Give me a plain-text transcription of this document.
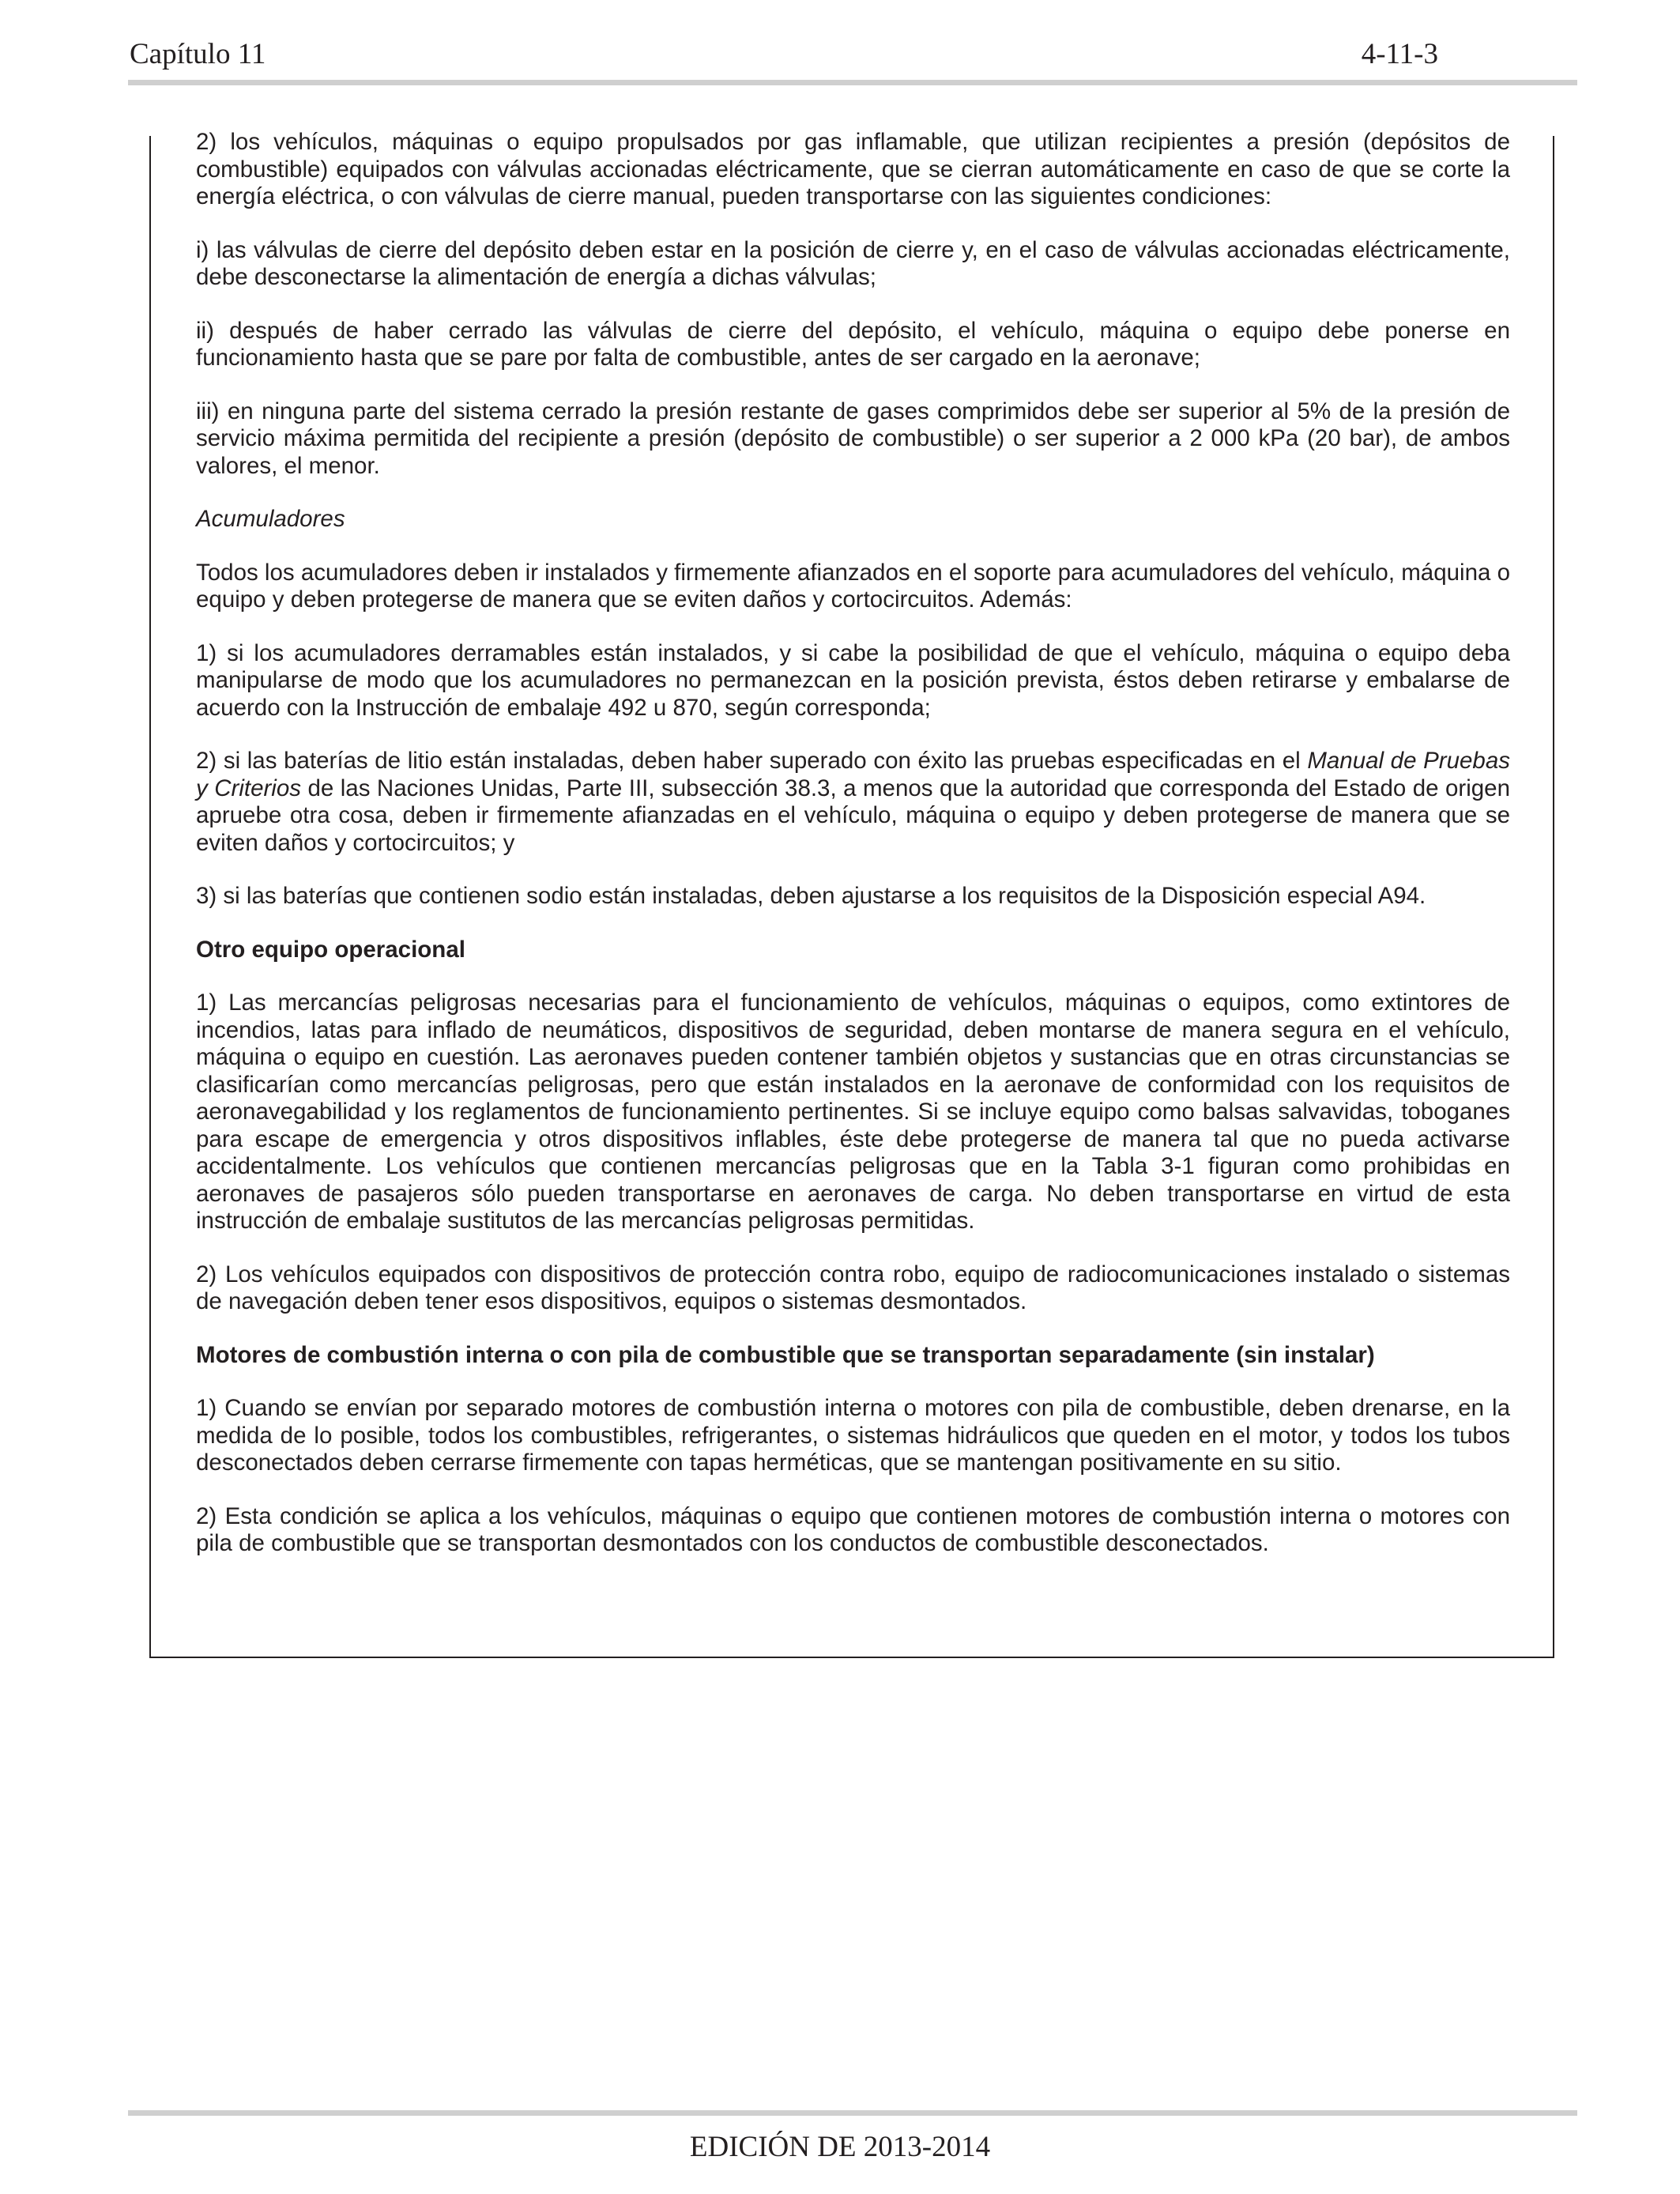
Capítulo 11	4-11-3

2) los vehículos, máquinas o equipo propulsados por gas inflamable, que utilizan recipientes a presión (depósitos de combustible) equipados con válvulas accionadas eléctricamente, que se cierran automáticamente en caso de que se corte la energía eléctrica, o con válvulas de cierre manual, pueden transportarse con las siguientes condiciones:

i) las válvulas de cierre del depósito deben estar en la posición de cierre y, en el caso de válvulas accionadas eléctricamente, debe desconectarse la alimentación de energía a dichas válvulas;

ii) después de haber cerrado las válvulas de cierre del depósito, el vehículo, máquina o equipo debe ponerse en funcionamiento hasta que se pare por falta de combustible, antes de ser cargado en la aeronave;

iii) en ninguna parte del sistema cerrado la presión restante de gases comprimidos debe ser superior al 5% de la presión de servicio máxima permitida del recipiente a presión (depósito de combustible) o ser superior a 2 000 kPa (20 bar), de ambos valores, el menor.

Acumuladores

Todos los acumuladores deben ir instalados y firmemente afianzados en el soporte para acumuladores del vehículo, máquina o equipo y deben protegerse de manera que se eviten daños y cortocircuitos. Además:

1) si los acumuladores derramables están instalados, y si cabe la posibilidad de que el vehículo, máquina o equipo deba manipularse de modo que los acumuladores no permanezcan en la posición prevista, éstos deben retirarse y embalarse de acuerdo con la Instrucción de embalaje 492 u 870, según corresponda;

2) si las baterías de litio están instaladas, deben haber superado con éxito las pruebas especificadas en el Manual de Pruebas y Criterios de las Naciones Unidas, Parte III, subsección 38.3, a menos que la autoridad que corresponda del Estado de origen apruebe otra cosa, deben ir firmemente afianzadas en el vehículo, máquina o equipo y deben protegerse de manera que se eviten daños y cortocircuitos; y

3) si las baterías que contienen sodio están instaladas, deben ajustarse a los requisitos de la Disposición especial A94.

Otro equipo operacional

1) Las mercancías peligrosas necesarias para el funcionamiento de vehículos, máquinas o equipos, como extintores de incendios, latas para inflado de neumáticos, dispositivos de seguridad, deben montarse de manera segura en el vehículo, máquina o equipo en cuestión. Las aeronaves pueden contener también objetos y sustancias que en otras circunstancias se clasificarían como mercancías peligrosas, pero que están instalados en la aeronave de conformidad con los requisitos de aeronavegabilidad y los reglamentos de funcionamiento pertinentes. Si se incluye equipo como balsas salvavidas, toboganes para escape de emergencia y otros dispositivos inflables, éste debe protegerse de manera tal que no pueda activarse accidentalmente. Los vehículos que contienen mercancías peligrosas que en la Tabla 3-1 figuran como prohibidas en aeronaves de pasajeros sólo pueden transportarse en aeronaves de carga. No deben transportarse en virtud de esta instrucción de embalaje sustitutos de las mercancías peligrosas permitidas.

2) Los vehículos equipados con dispositivos de protección contra robo, equipo de radiocomunicaciones instalado o sistemas de navegación deben tener esos dispositivos, equipos o sistemas desmontados.

Motores de combustión interna o con pila de combustible que se transportan separadamente (sin instalar)

1) Cuando se envían por separado motores de combustión interna o motores con pila de combustible, deben drenarse, en la medida de lo posible, todos los combustibles, refrigerantes, o sistemas hidráulicos que queden en el motor, y todos los tubos desconectados deben cerrarse firmemente con tapas herméticas, que se mantengan positivamente en su sitio.

2) Esta condición se aplica a los vehículos, máquinas o equipo que contienen motores de combustión interna o motores con pila de combustible que se transportan desmontados con los conductos de combustible desconectados.

EDICIÓN DE 2013-2014
